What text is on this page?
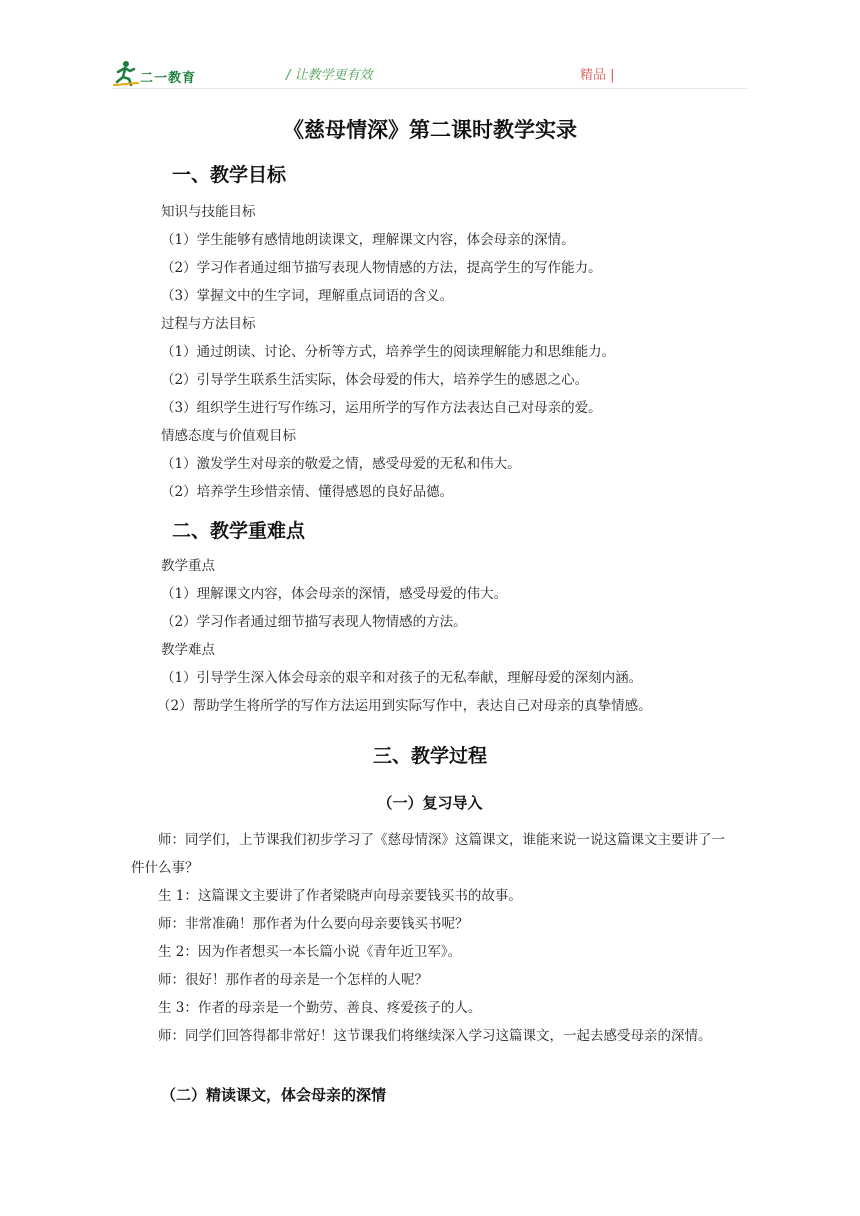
二一教育	/ 让教学更有效	精品 |
《慈母情深》第二课时教学实录
一、教学目标
知识与技能目标
（1）学生能够有感情地朗读课文，理解课文内容，体会母亲的深情。
（2）学习作者通过细节描写表现人物情感的方法，提高学生的写作能力。
（3）掌握文中的生字词，理解重点词语的含义。
过程与方法目标
（1）通过朗读、讨论、分析等方式，培养学生的阅读理解能力和思维能力。
（2）引导学生联系生活实际，体会母爱的伟大，培养学生的感恩之心。
（3）组织学生进行写作练习，运用所学的写作方法表达自己对母亲的爱。
情感态度与价值观目标
（1）激发学生对母亲的敬爱之情，感受母爱的无私和伟大。
（2）培养学生珍惜亲情、懂得感恩的良好品德。
二、教学重难点
教学重点
（1）理解课文内容，体会母亲的深情，感受母爱的伟大。
（2）学习作者通过细节描写表现人物情感的方法。
教学难点
（1）引导学生深入体会母亲的艰辛和对孩子的无私奉献，理解母爱的深刻内涵。
（2）帮助学生将所学的写作方法运用到实际写作中，表达自己对母亲的真挚情感。
三、教学过程
（一）复习导入
师：同学们，上节课我们初步学习了《慈母情深》这篇课文，谁能来说一说这篇课文主要讲了一件什么事？
生 1：这篇课文主要讲了作者梁晓声向母亲要钱买书的故事。
师：非常准确！那作者为什么要向母亲要钱买书呢？
生 2：因为作者想买一本长篇小说《青年近卫军》。
师：很好！那作者的母亲是一个怎样的人呢？
生 3：作者的母亲是一个勤劳、善良、疼爱孩子的人。
师：同学们回答得都非常好！这节课我们将继续深入学习这篇课文，一起去感受母亲的深情。
（二）精读课文，体会母亲的深情
